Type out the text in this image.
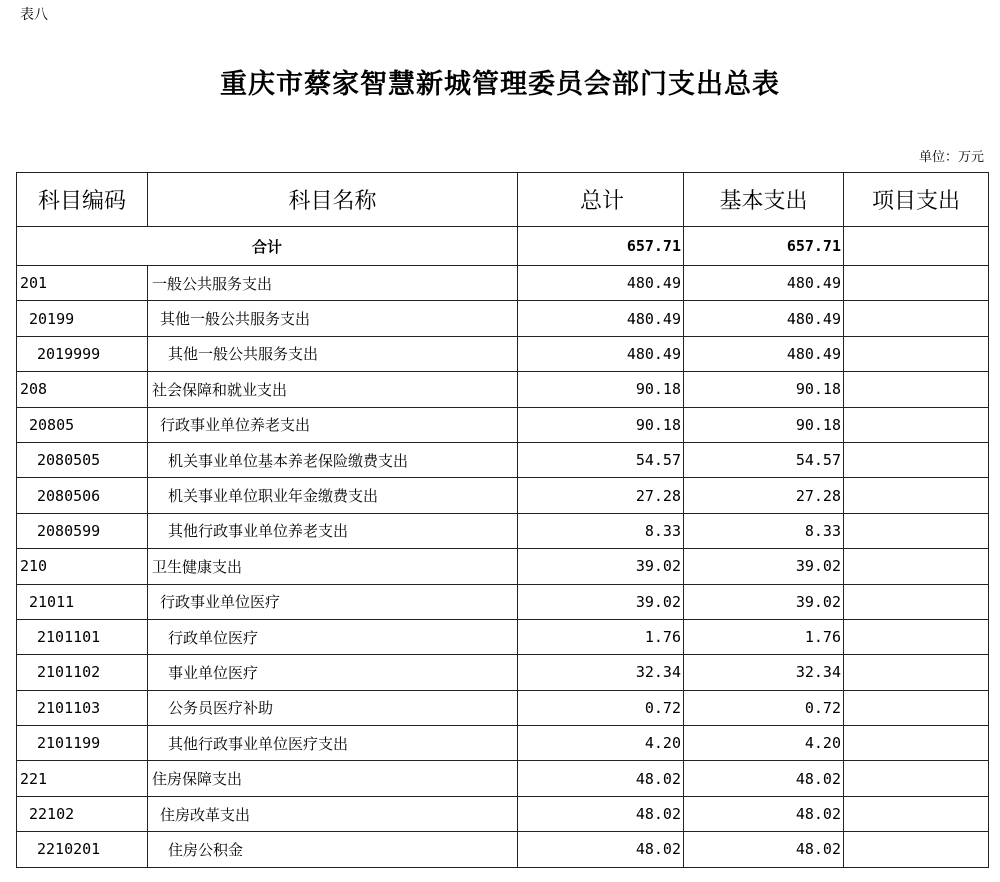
表八
重庆市蔡家智慧新城管理委员会部门支出总表
单位：万元
科目编码	科目名称	总计	基本支出	项目支出
合计		657.71	657.71	
201	一般公共服务支出	480.49	480.49	
20199	其他一般公共服务支出	480.49	480.49	
2019999	其他一般公共服务支出	480.49	480.49	
208	社会保障和就业支出	90.18	90.18	
20805	行政事业单位养老支出	90.18	90.18	
2080505	机关事业单位基本养老保险缴费支出	54.57	54.57	
2080506	机关事业单位职业年金缴费支出	27.28	27.28	
2080599	其他行政事业单位养老支出	8.33	8.33	
210	卫生健康支出	39.02	39.02	
21011	行政事业单位医疗	39.02	39.02	
2101101	行政单位医疗	1.76	1.76	
2101102	事业单位医疗	32.34	32.34	
2101103	公务员医疗补助	0.72	0.72	
2101199	其他行政事业单位医疗支出	4.20	4.20	
221	住房保障支出	48.02	48.02	
22102	住房改革支出	48.02	48.02	
2210201	住房公积金	48.02	48.02	
